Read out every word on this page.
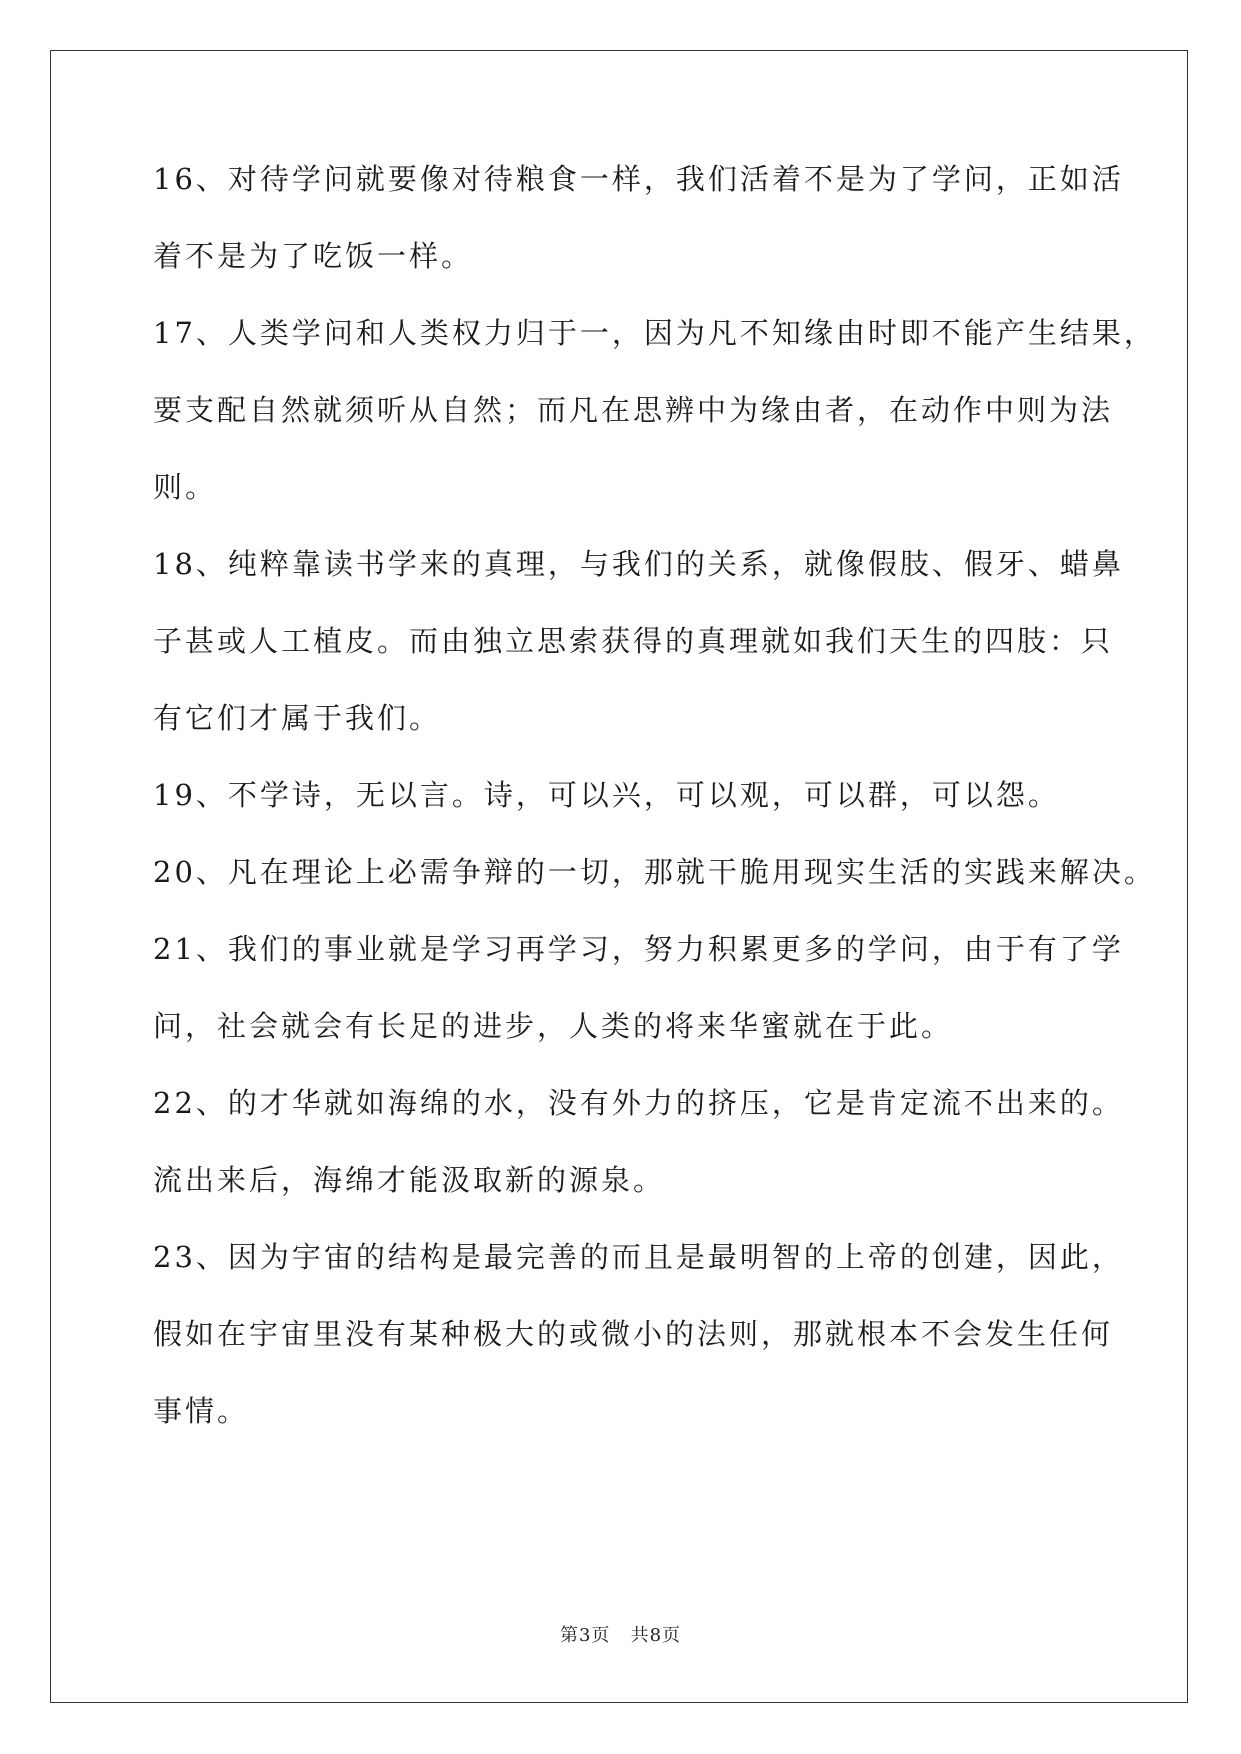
16、对待学问就要像对待粮食一样，我们活着不是为了学问，正如活
着不是为了吃饭一样。
17、人类学问和人类权力归于一，因为凡不知缘由时即不能产生结果，
要支配自然就须听从自然；而凡在思辨中为缘由者，在动作中则为法
则。
18、纯粹靠读书学来的真理，与我们的关系，就像假肢、假牙、蜡鼻
子甚或人工植皮。而由独立思索获得的真理就如我们天生的四肢：只
有它们才属于我们。
19、不学诗，无以言。诗，可以兴，可以观，可以群，可以怨。
20、凡在理论上必需争辩的一切，那就干脆用现实生活的实践来解决。
21、我们的事业就是学习再学习，努力积累更多的学问，由于有了学
问，社会就会有长足的进步，人类的将来华蜜就在于此。
22、的才华就如海绵的水，没有外力的挤压，它是肯定流不出来的。
流出来后，海绵才能汲取新的源泉。
23、因为宇宙的结构是最完善的而且是最明智的上帝的创建，因此，
假如在宇宙里没有某种极大的或微小的法则，那就根本不会发生任何
事情。
第3页 共8页
